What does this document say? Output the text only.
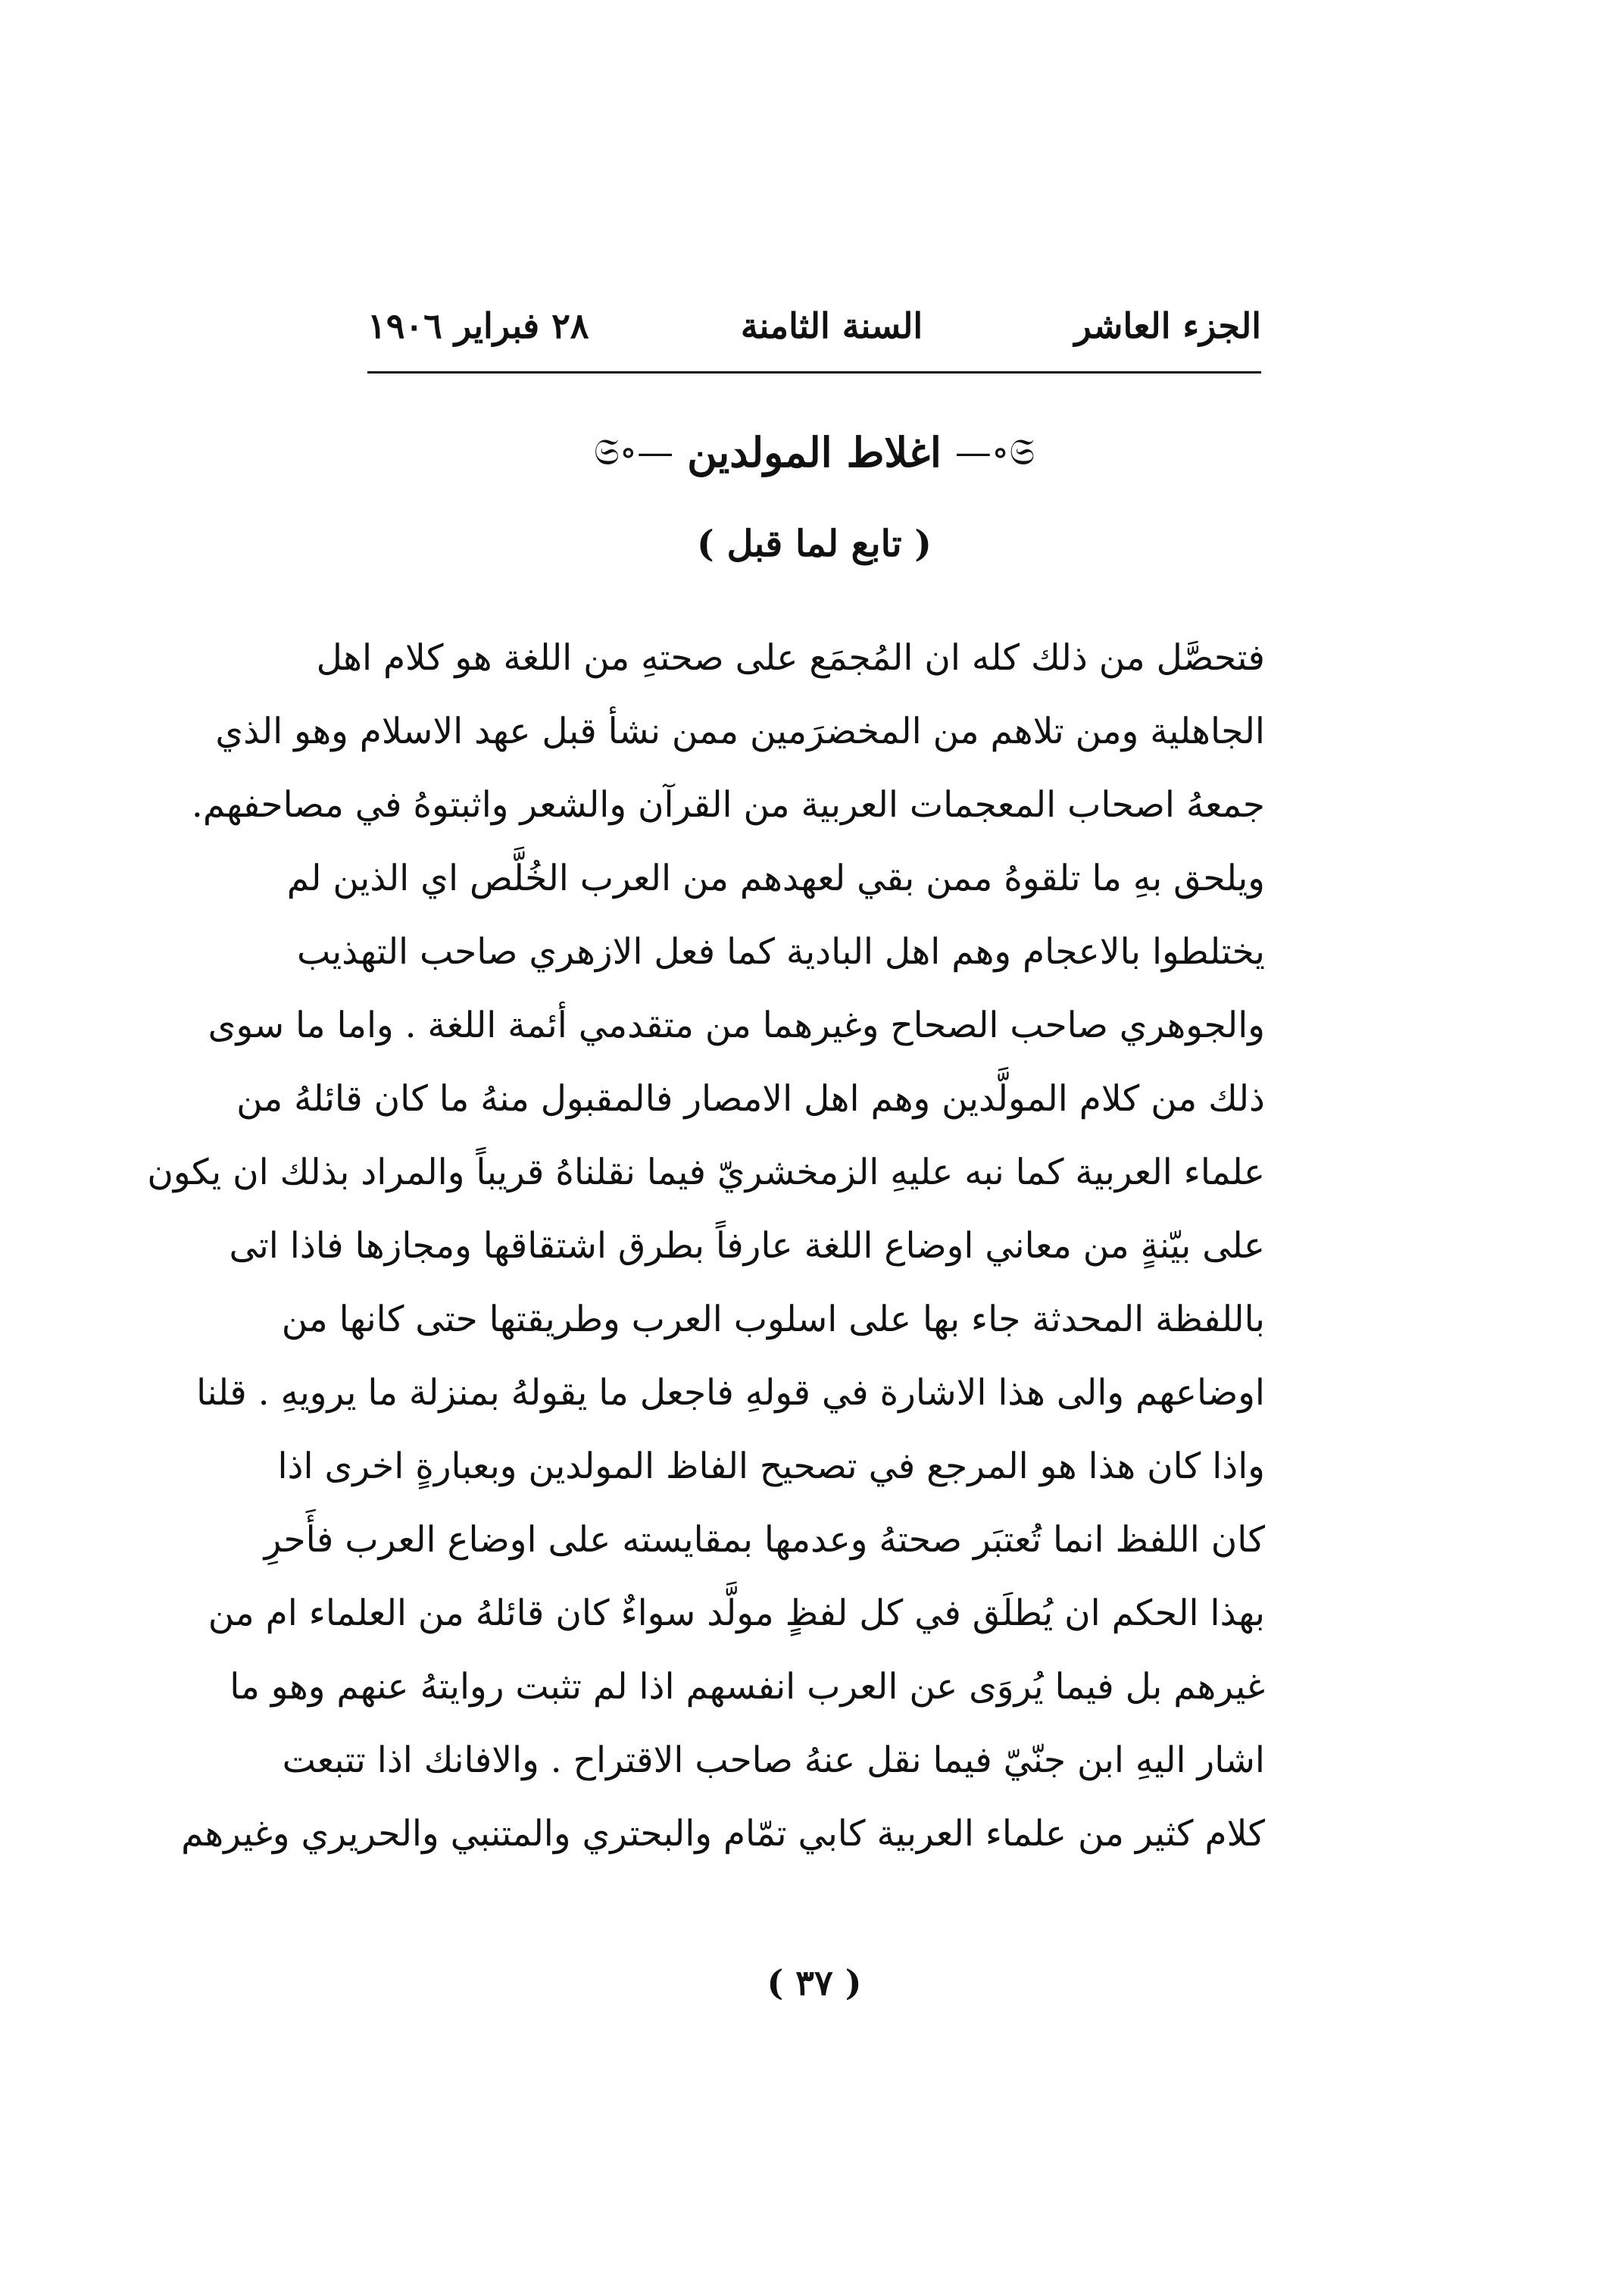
الجزء العاشر
السنة الثامنة
٢٨ فبراير ١٩٠٦
𝔖∘—
اغلاط المولدين
—∘𝔖
( تابع لما قبل )
فتحصَّل من ذلك كله ان المُجمَع على صحتهِ من اللغة هو كلام اهل
الجاهلية ومن تلاهم من المخضرَمين ممن نشأ قبل عهد الاسلام وهو الذي
جمعهُ اصحاب المعجمات العربية من القرآن والشعر واثبتوهُ في مصاحفهم.
ويلحق بهِ ما تلقوهُ ممن بقي لعهدهم من العرب الخُلَّص اي الذين لم
يختلطوا بالاعجام وهم اهل البادية كما فعل الازهري صاحب التهذيب
والجوهري صاحب الصحاح وغيرهما من متقدمي أئمة اللغة . واما ما سوى
ذلك من كلام المولَّدين وهم اهل الامصار فالمقبول منهُ ما كان قائلهُ من
علماء العربية كما نبه عليهِ الزمخشريّ فيما نقلناهُ قريباً والمراد بذلك ان يكون
على بيّنةٍ من معاني اوضاع اللغة عارفاً بطرق اشتقاقها ومجازها فاذا اتى
باللفظة المحدثة جاء بها على اسلوب العرب وطريقتها حتى كانها من
اوضاعهم والى هذا الاشارة في قولهِ فاجعل ما يقولهُ بمنزلة ما يرويهِ . قلنا
واذا كان هذا هو المرجع في تصحيح الفاظ المولدين وبعبارةٍ اخرى اذا
كان اللفظ انما تُعتبَر صحتهُ وعدمها بمقايسته على اوضاع العرب فأَحرِ
بهذا الحكم ان يُطلَق في كل لفظٍ مولَّد سواءٌ كان قائلهُ من العلماء ام من
غيرهم بل فيما يُروَى عن العرب انفسهم اذا لم تثبت روايتهُ عنهم وهو ما
اشار اليهِ ابن جنّيّ فيما نقل عنهُ صاحب الاقتراح . والافانك اذا تتبعت
كلام كثير من علماء العربية كابي تمّام والبحتري والمتنبي والحريري وغيرهم
( ٣٧ )
